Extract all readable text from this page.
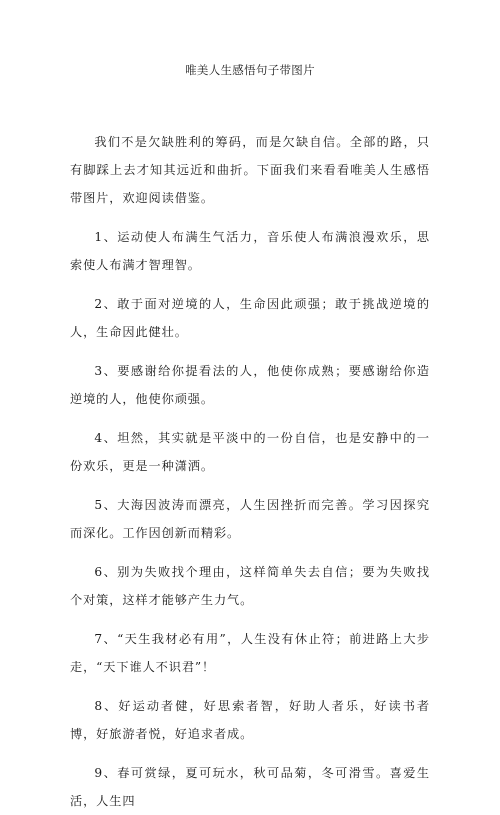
唯美人生感悟句子带图片

我们不是欠缺胜利的筹码，而是欠缺自信。全部的路，只有脚踩上去才知其远近和曲折。下面我们来看看唯美人生感悟带图片，欢迎阅读借鉴。

1、运动使人布满生气活力，音乐使人布满浪漫欢乐，思索使人布满才智理智。

2、敢于面对逆境的人，生命因此顽强；敢于挑战逆境的人，生命因此健壮。

3、要感谢给你提看法的人，他使你成熟；要感谢给你造逆境的人，他使你顽强。

4、坦然，其实就是平淡中的一份自信，也是安静中的一份欢乐，更是一种潇洒。

5、大海因波涛而漂亮，人生因挫折而完善。学习因探究而深化。工作因创新而精彩。

6、别为失败找个理由，这样简单失去自信；要为失败找个对策，这样才能够产生力气。

7、“天生我材必有用”，人生没有休止符；前进路上大步走，“天下谁人不识君”！

8、好运动者健，好思索者智，好助人者乐，好读书者博，好旅游者悦，好追求者成。

9、春可赏绿，夏可玩水，秋可品菊，冬可滑雪。喜爱生活，人生四
